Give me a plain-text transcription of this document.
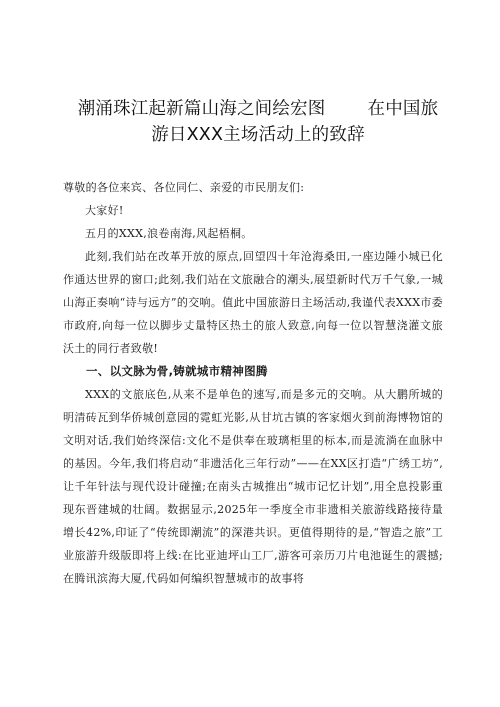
潮涌珠江起新篇山海之间绘宏图 在中国旅
游日XXX主场活动上的致辞

尊敬的各位来宾、各位同仁、亲爱的市民朋友们:

大家好!

五月的XXX,浪卷南海,风起梧桐。

此刻,我们站在改革开放的原点,回望四十年沧海桑田,一座边陲小城已化作通达世界的窗口;此刻,我们站在文旅融合的潮头,展望新时代万千气象,一城山海正奏响“诗与远方”的交响。值此中国旅游日主场活动,我谨代表XXX市委市政府,向每一位以脚步丈量特区热土的旅人致意,向每一位以智慧浇灌文旅沃土的同行者致敬!

一、以文脉为骨,铸就城市精神图腾

XXX的文旅底色,从来不是单色的速写,而是多元的交响。从大鹏所城的明清砖瓦到华侨城创意园的霓虹光影,从甘坑古镇的客家烟火到前海博物馆的文明对话,我们始终深信:文化不是供奉在玻璃柜里的标本,而是流淌在血脉中的基因。今年,我们将启动“非遗活化三年行动”——在XX区打造“广绣工坊”,让千年针法与现代设计碰撞;在南头古城推出“城市记忆计划”,用全息投影重现东晋建城的壮阔。数据显示,2025年一季度全市非遗相关旅游线路接待量增长42%,印证了“传统即潮流”的深港共识。更值得期待的是,“智造之旅”工业旅游升级版即将上线:在比亚迪坪山工厂,游客可亲历刀片电池诞生的震撼;在腾讯滨海大厦,代码如何编织智慧城市的故事将
